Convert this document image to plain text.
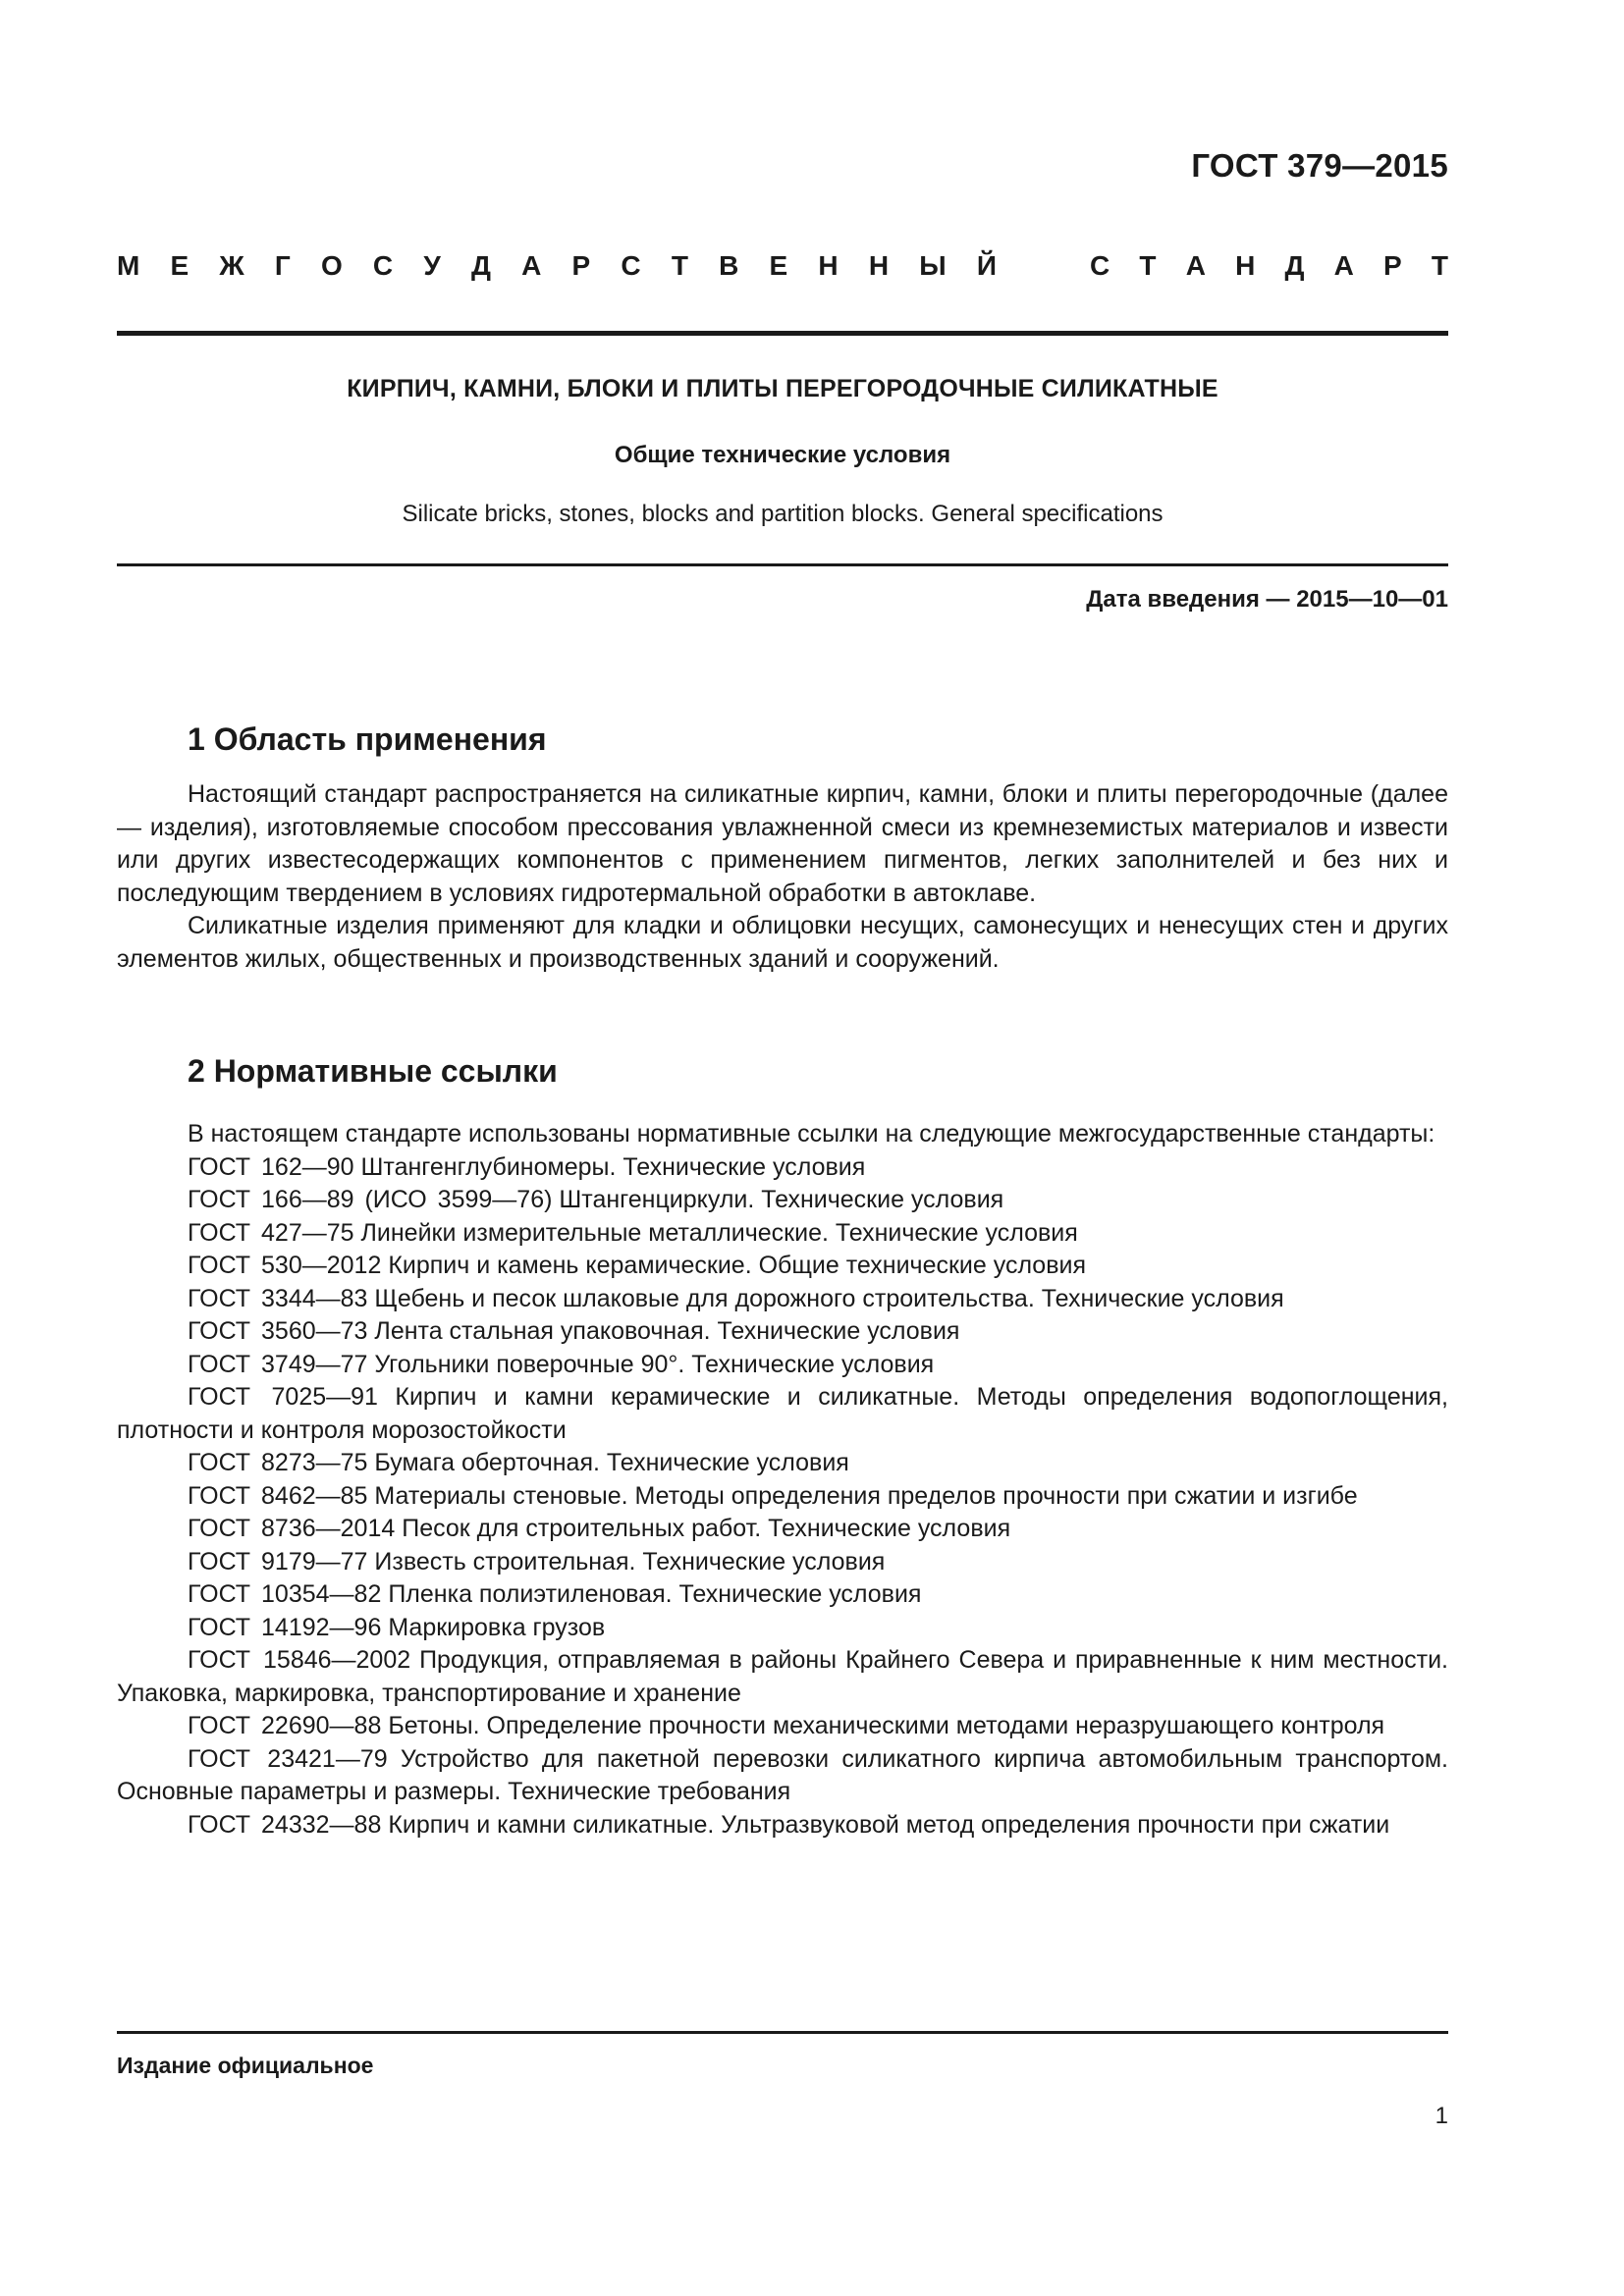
ГОСТ 379—2015
М Е Ж Г О С У Д А Р С Т В Е Н Н Ы Й	С Т А Н Д А Р Т
КИРПИЧ, КАМНИ, БЛОКИ И ПЛИТЫ ПЕРЕГОРОДОЧНЫЕ СИЛИКАТНЫЕ
Общие технические условия
Silicate bricks, stones, blocks and partition blocks. General specifications
Дата введения — 2015—10—01
1 Область применения

Настоящий стандарт распространяется на силикатные кирпич, камни, блоки и плиты перегородочные (далее — изделия), изготовляемые способом прессования увлажненной смеси из кремнеземистых материалов и извести или других известесодержащих компонентов с применением пигментов, легких заполнителей и без них и последующим твердением в условиях гидротермальной обработки в автоклаве.

Силикатные изделия применяют для кладки и облицовки несущих, самонесущих и ненесущих стен и других элементов жилых, общественных и производственных зданий и сооружений.

2 Нормативные ссылки

В настоящем стандарте использованы нормативные ссылки на следующие межгосударственные стандарты:

ГОСТ 162—90 Штангенглубиномеры. Технические условия
ГОСТ 166—89 (ИСО 3599—76) Штангенциркули. Технические условия
ГОСТ 427—75 Линейки измерительные металлические. Технические условия
ГОСТ 530—2012 Кирпич и камень керамические. Общие технические условия
ГОСТ 3344—83 Щебень и песок шлаковые для дорожного строительства. Технические условия
ГОСТ 3560—73 Лента стальная упаковочная. Технические условия
ГОСТ 3749—77 Угольники поверочные 90°. Технические условия
ГОСТ 7025—91 Кирпич и камни керамические и силикатные. Методы определения водопоглощения, плотности и контроля морозостойкости
ГОСТ 8273—75 Бумага оберточная. Технические условия
ГОСТ 8462—85 Материалы стеновые. Методы определения пределов прочности при сжатии и изгибе
ГОСТ 8736—2014 Песок для строительных работ. Технические условия
ГОСТ 9179—77 Известь строительная. Технические условия
ГОСТ 10354—82 Пленка полиэтиленовая. Технические условия
ГОСТ 14192—96 Маркировка грузов
ГОСТ 15846—2002 Продукция, отправляемая в районы Крайнего Севера и приравненные к ним местности. Упаковка, маркировка, транспортирование и хранение
ГОСТ 22690—88 Бетоны. Определение прочности механическими методами неразрушающего контроля
ГОСТ 23421—79 Устройство для пакетной перевозки силикатного кирпича автомобильным транспортом. Основные параметры и размеры. Технические требования
ГОСТ 24332—88 Кирпич и камни силикатные. Ультразвуковой метод определения прочности при сжатии
Издание официальное
1
